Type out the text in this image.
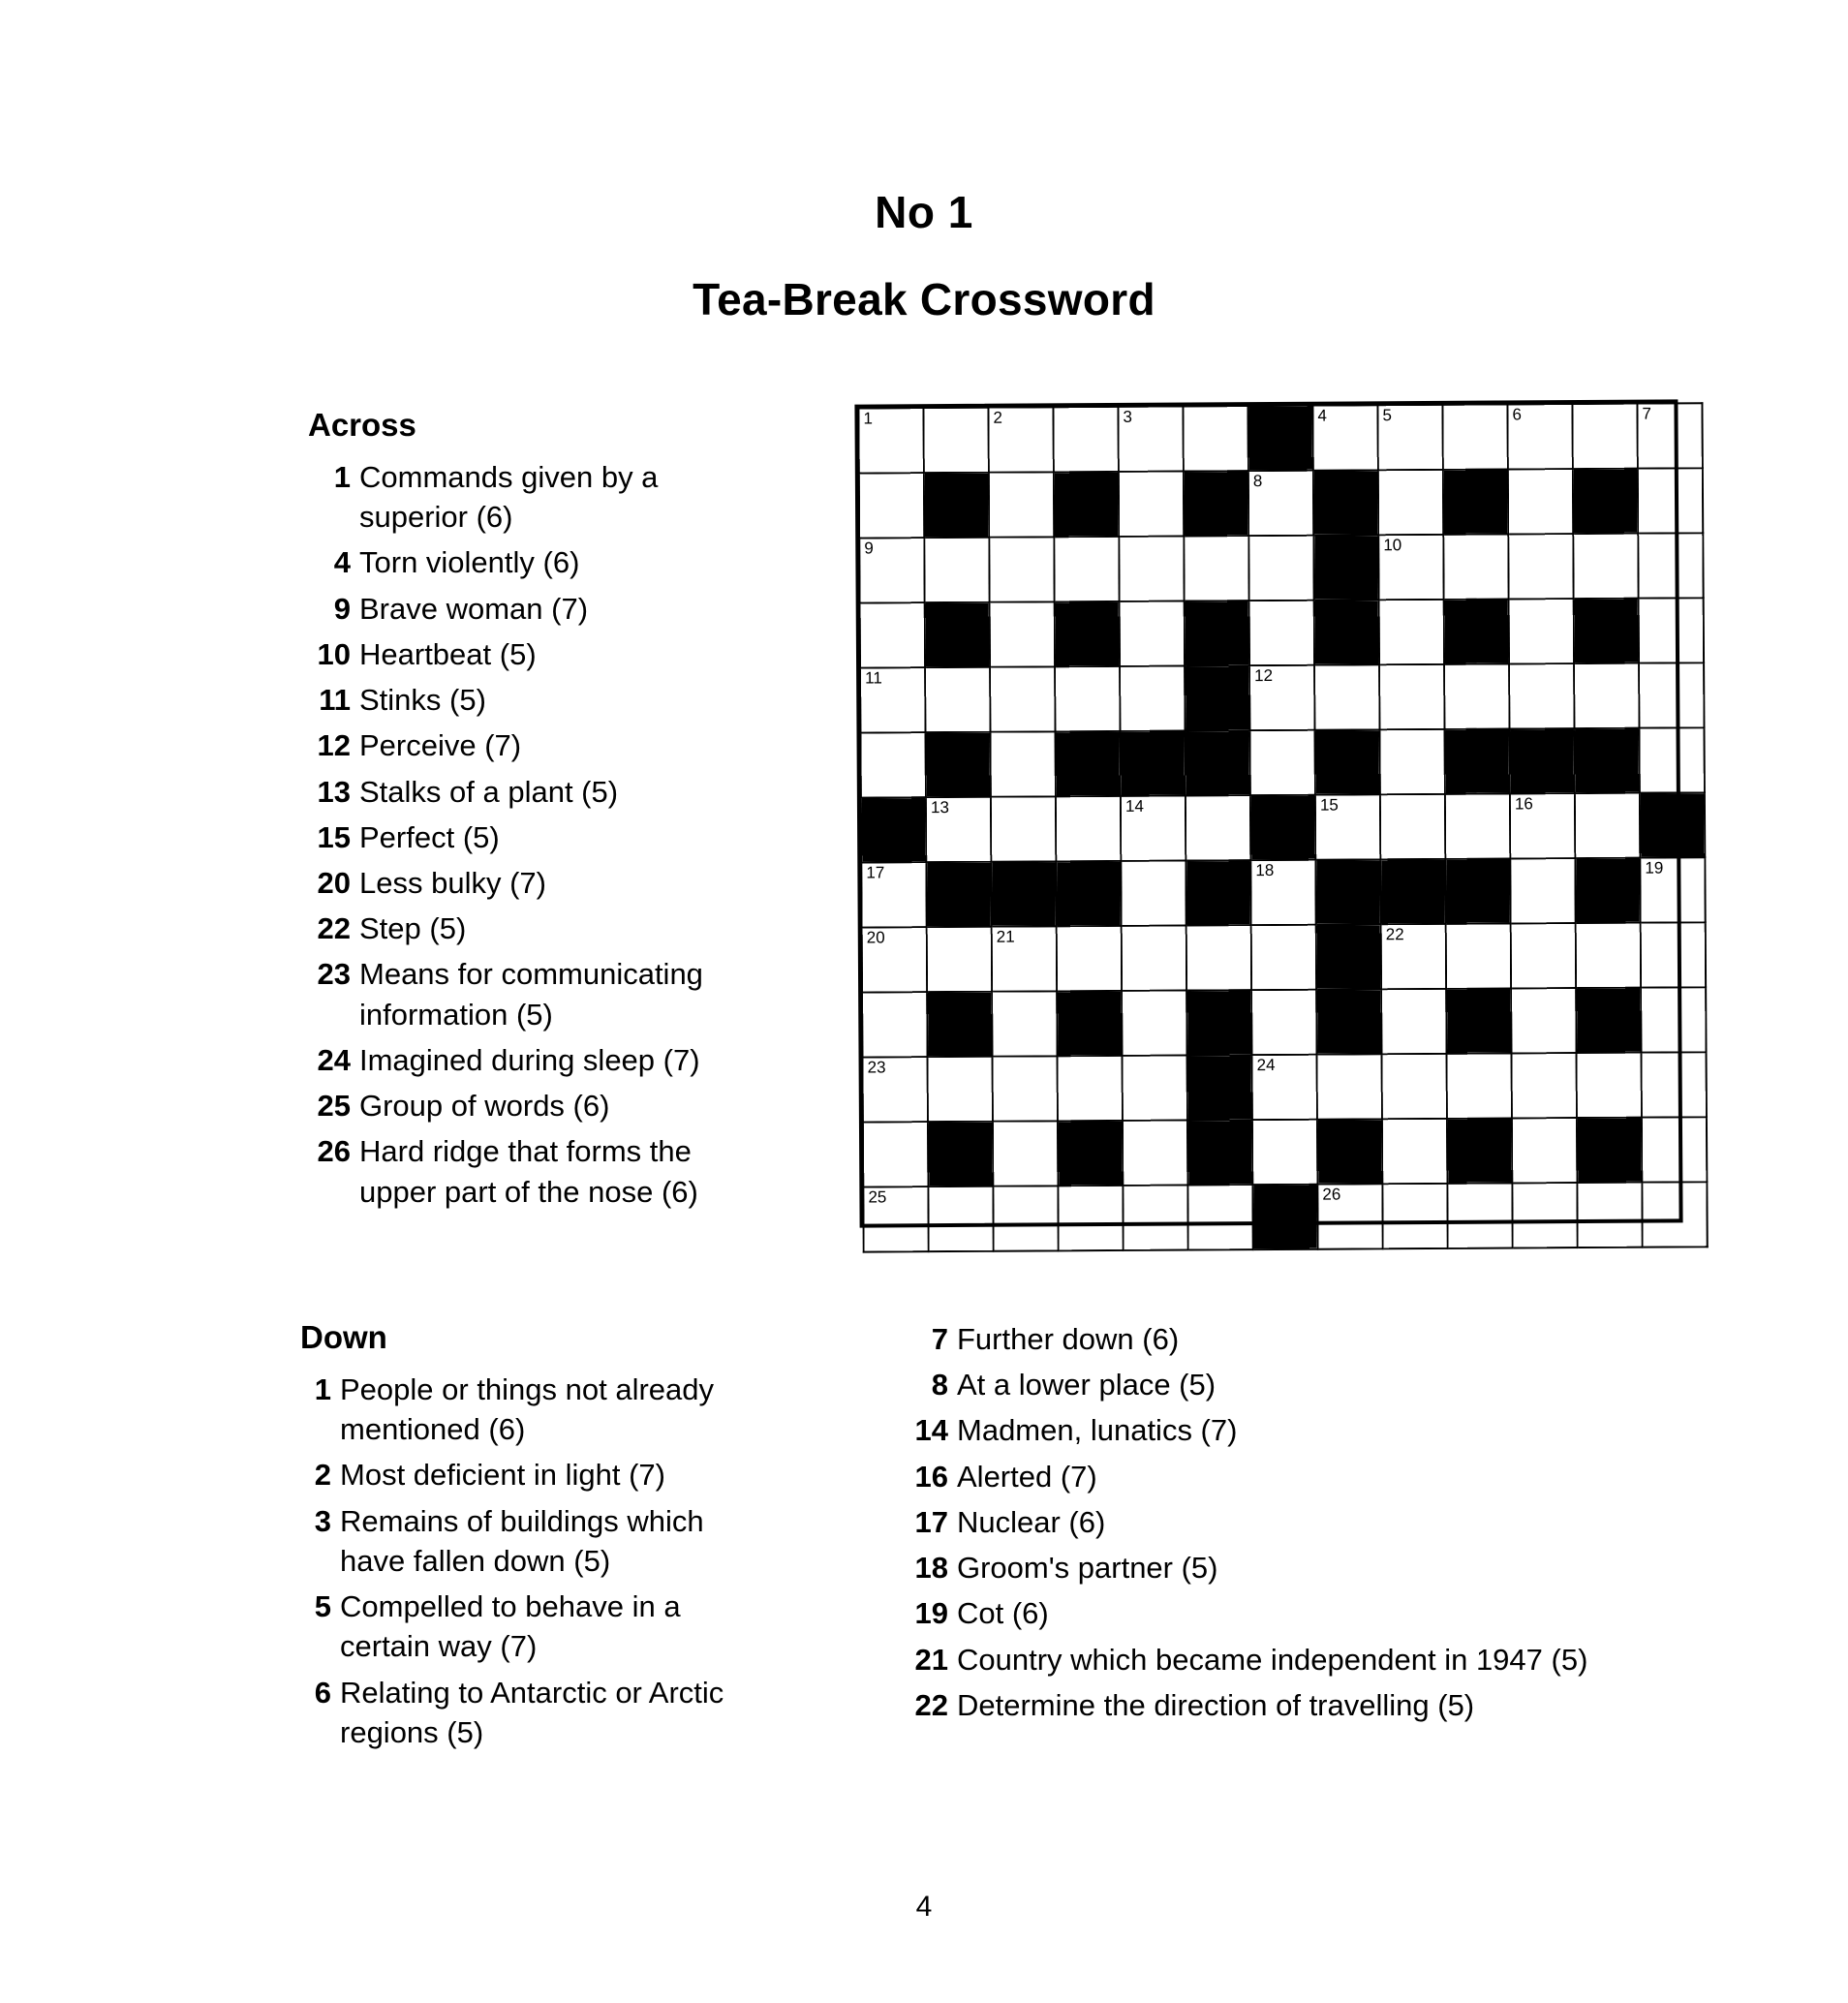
No 1
Tea-Break Crossword
Across
1 Commands given by a superior (6)
4 Torn violently (6)
9 Brave woman (7)
10 Heartbeat (5)
11 Stinks (5)
12 Perceive (7)
13 Stalks of a plant (5)
15 Perfect (5)
20 Less bulky (7)
22 Step (5)
23 Means for communicating information (5)
24 Imagined during sleep (7)
25 Group of words (6)
26 Hard ridge that forms the upper part of the nose (6)
Down
1 People or things not already mentioned (6)
2 Most deficient in light (7)
3 Remains of buildings which have fallen down (5)
5 Compelled to behave in a certain way (7)
6 Relating to Antarctic or Arctic regions (5)
7 Further down (6)
8 At a lower place (5)
14 Madmen, lunatics (7)
16 Alerted (7)
17 Nuclear (6)
18 Groom's partner (5)
19 Cot (6)
21 Country which became independent in 1947 (5)
22 Determine the direction of travelling (5)
1		2		3			4	5		6		7

						8						

9								10				

11						12						

	13			14			15			16		

17						18						19

20		21						22				

23						24						

25							26					

4
